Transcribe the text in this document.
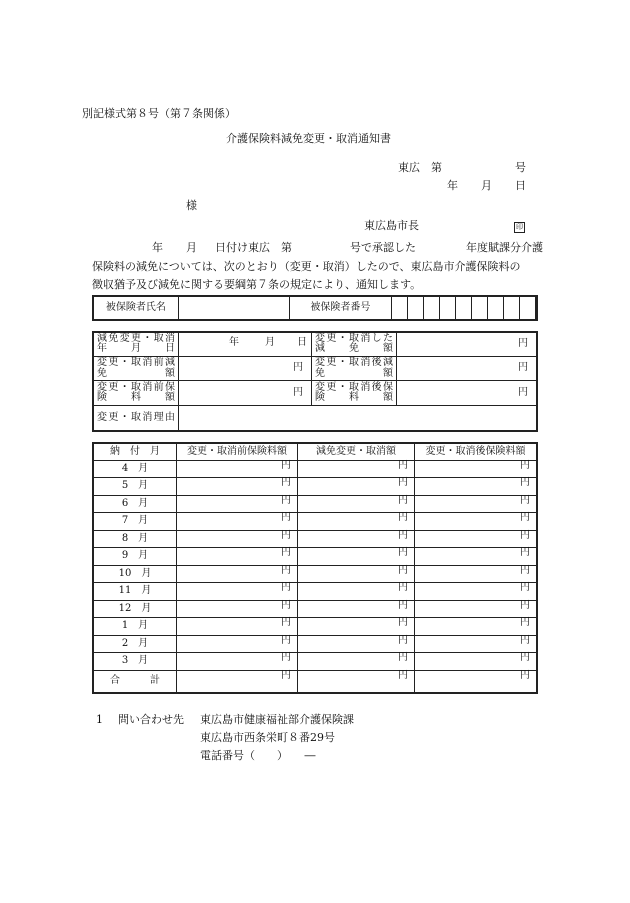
別記様式第８号（第７条関係）
介護保険料減免変更・取消通知書
東広　第	号
年 月 日
様
東広島市長	印
年 月 日付け東広　第	号で承認した	年度賦課分介護
保険料の減免については、次のとおり（変更・取消）したので、東広島市介護保険料の
徴収猶予及び減免に関する要綱第７条の規定により、通知します。
被保険者氏名		被保険者番号										
減免変更・取消年月日	年 月 日	変更・取消した減免額	円
変更・取消前減免額	円	変更・取消後減免額	円
変更・取消前保険料額	円	変更・取消後保険料額	円
変更・取消理由			
納　付　月	変更・取消前保険料額	減免変更・取消額	変更・取消後保険料額
4　月	円	円	円
5　月	円	円	円
6　月	円	円	円
7　月	円	円	円
8　月	円	円	円
9　月	円	円	円
10　月	円	円	円
11　月	円	円	円
12　月	円	円	円
1　月	円	円	円
2　月	円	円	円
3　月	円	円	円
合　　　計	円	円	円
1 問い合わせ先 東広島市健康福祉部介護保険課
東広島市西条栄町８番29号
電話番号（　　）　　―
